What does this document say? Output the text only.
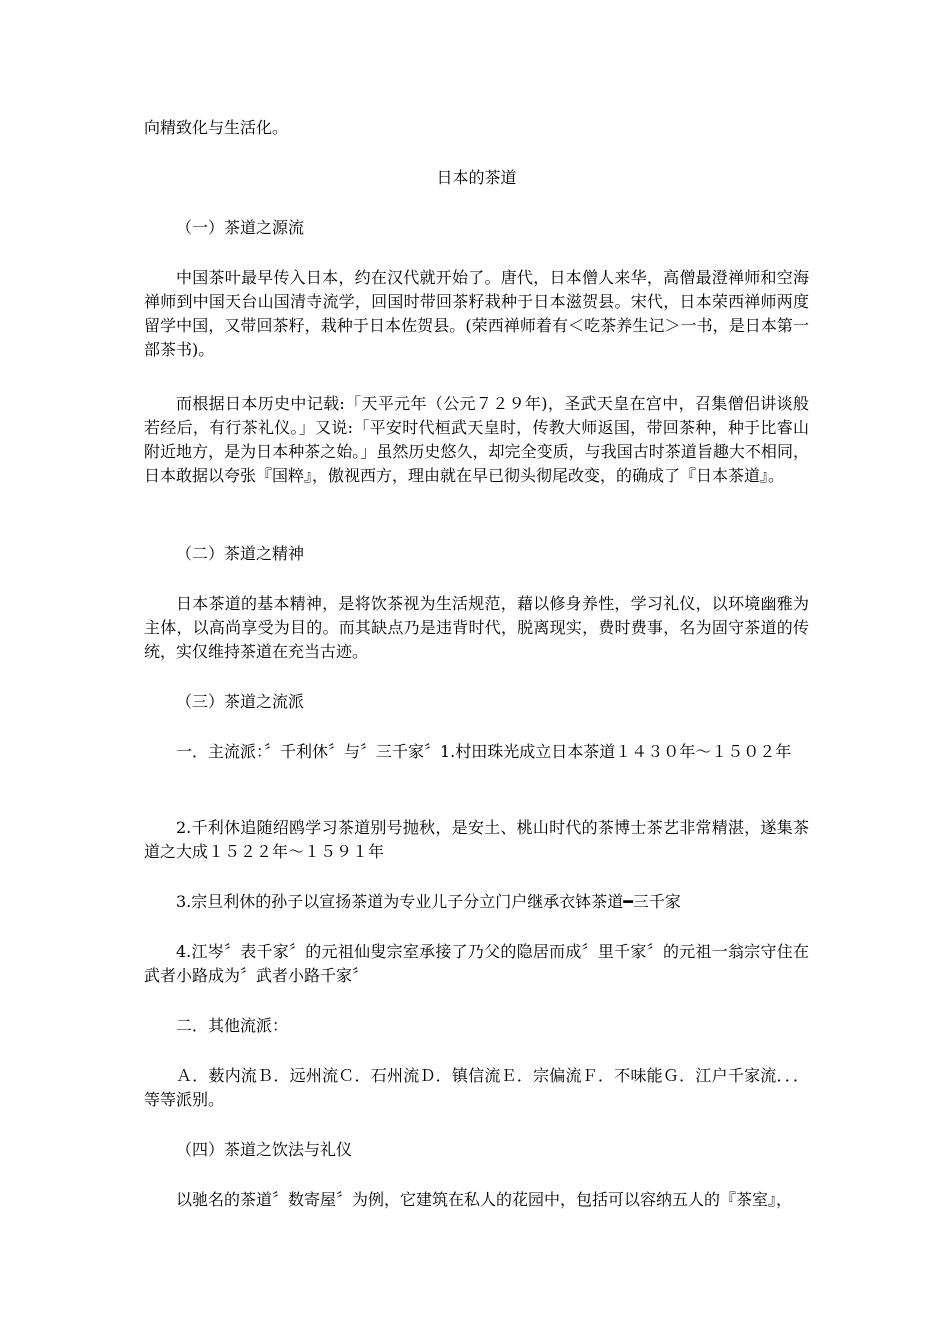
向精致化与生活化。

日本的茶道

（一）茶道之源流

中国茶叶最早传入日本，约在汉代就开始了。唐代，日本僧人来华，高僧最澄禅师和空海禅师到中国天台山国清寺流学，回国时带回茶籽栽种于日本滋贺县。宋代，日本荣西禅师两度留学中国，又带回茶籽，栽种于日本佐贺县。(荣西禅师着有＜吃茶养生记＞一书，是日本第一部茶书)。

而根据日本历史中记载:「天平元年（公元７２９年)，圣武天皇在宫中，召集僧侣讲谈般若经后，有行茶礼仪。」又说:「平安时代桓武天皇时，传教大师返国，带回茶种，种于比睿山附近地方，是为日本种茶之始。」虽然历史悠久，却完全变质，与我国古时茶道旨趣大不相同，日本敢据以夸张『国粹』，傲视西方，理由就在早已彻头彻尾改变，的确成了『日本茶道』。

（二）茶道之精神

日本茶道的基本精神，是将饮茶视为生活规范，藉以修身养性，学习礼仪，以环境幽雅为主体，以高尚享受为目的。而其缺点乃是违背时代，脱离现实，费时费事，名为固守茶道的传统，实仅维持茶道在充当古迹。

（三）茶道之流派

一．主流派：〞千利休〞与〞三千家〞1.村田珠光成立日本茶道１４３０年～１５０２年

2.千利休追随绍鸥学习茶道别号抛秋，是安土、桃山时代的茶博士茶艺非常精湛，遂集茶道之大成１５２２年～１５９１年

3.宗旦利休的孙子以宣扬茶道为专业儿子分立门户继承衣钵茶道━三千家

4.江岑〞表千家〞的元祖仙叟宗室承接了乃父的隐居而成〞里千家〞的元祖一翁宗守住在武者小路成为〞武者小路千家〞

二．其他流派：

Ａ．薮内流Ｂ．远州流Ｃ．石州流Ｄ．镇信流Ｅ．宗偏流Ｆ．不味能Ｇ．江户千家流．．．等等派别。

（四）茶道之饮法与礼仪

以驰名的茶道〞数寄屋〞为例，它建筑在私人的花园中，包括可以容纳五人的『茶室』，
